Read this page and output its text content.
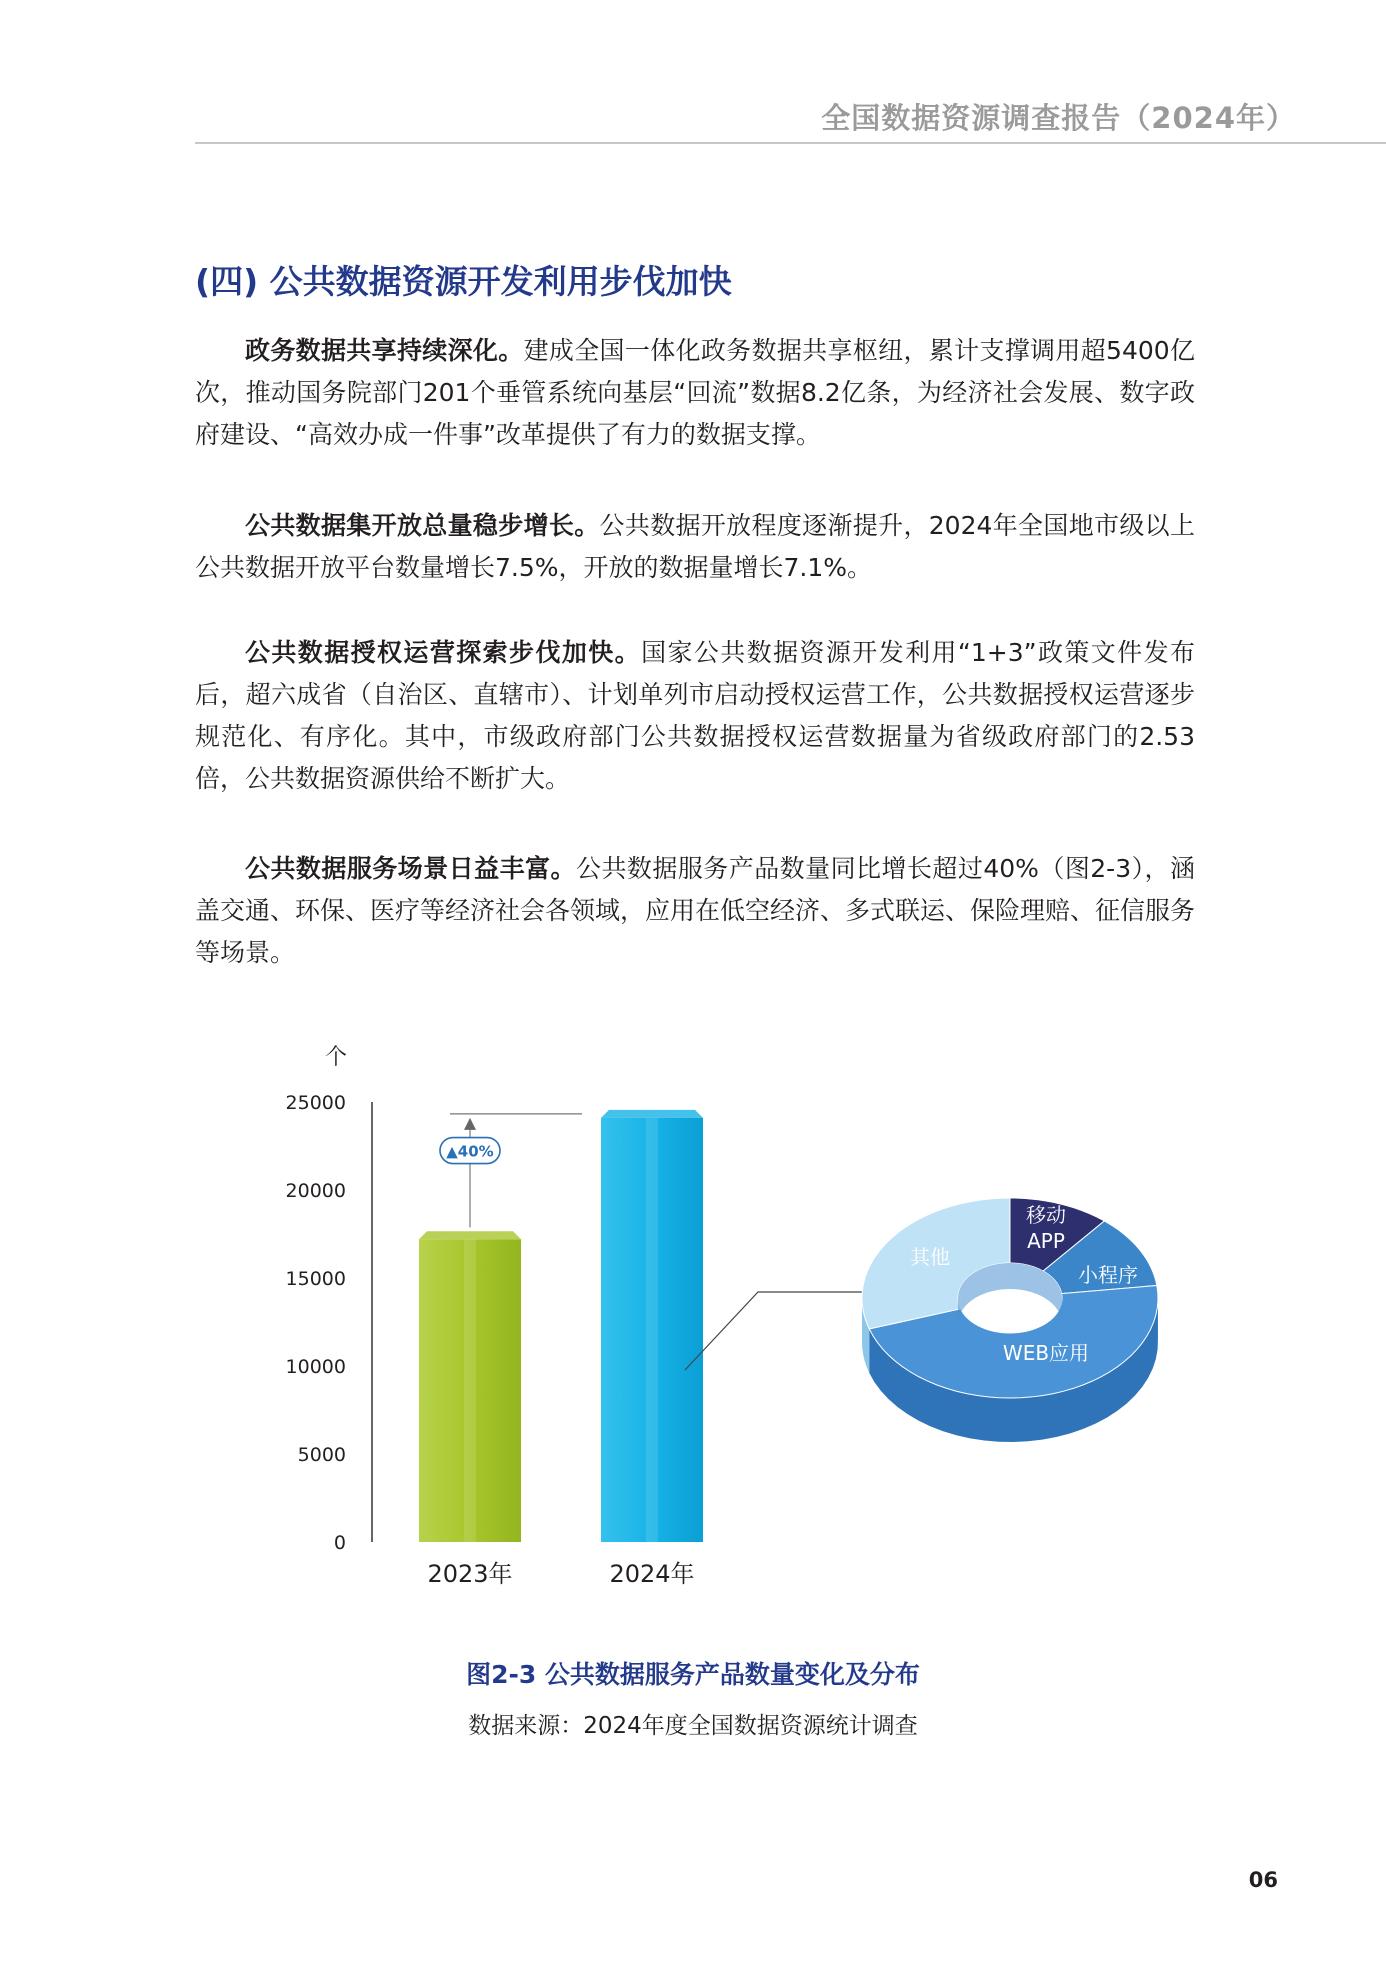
全国数据资源调查报告（2024年）
(四) 公共数据资源开发利用步伐加快
政务数据共享持续深化。建成全国一体化政务数据共享枢纽，累计支撑调用超5400亿次，推动国务院部门201个垂管系统向基层“回流”数据8.2亿条，为经济社会发展、数字政府建设、“高效办成一件事”改革提供了有力的数据支撑。
公共数据集开放总量稳步增长。公共数据开放程度逐渐提升，2024年全国地市级以上公共数据开放平台数量增长7.5%，开放的数据量增长7.1%。
公共数据授权运营探索步伐加快。国家公共数据资源开发利用“1+3”政策文件发布后，超六成省（自治区、直辖市）、计划单列市启动授权运营工作，公共数据授权运营逐步规范化、有序化。其中，市级政府部门公共数据授权运营数据量为省级政府部门的2.53倍，公共数据资源供给不断扩大。
公共数据服务场景日益丰富。公共数据服务产品数量同比增长超过40%（图2-3），涵盖交通、环保、医疗等经济社会各领域，应用在低空经济、多式联运、保险理赔、征信服务等场景。
个
0
5000
10000
15000
20000
25000
2023年	2024年
▲40%
移动
APP
小程序
WEB应用
其他
图2-3 公共数据服务产品数量变化及分布
数据来源：2024年度全国数据资源统计调查
06
